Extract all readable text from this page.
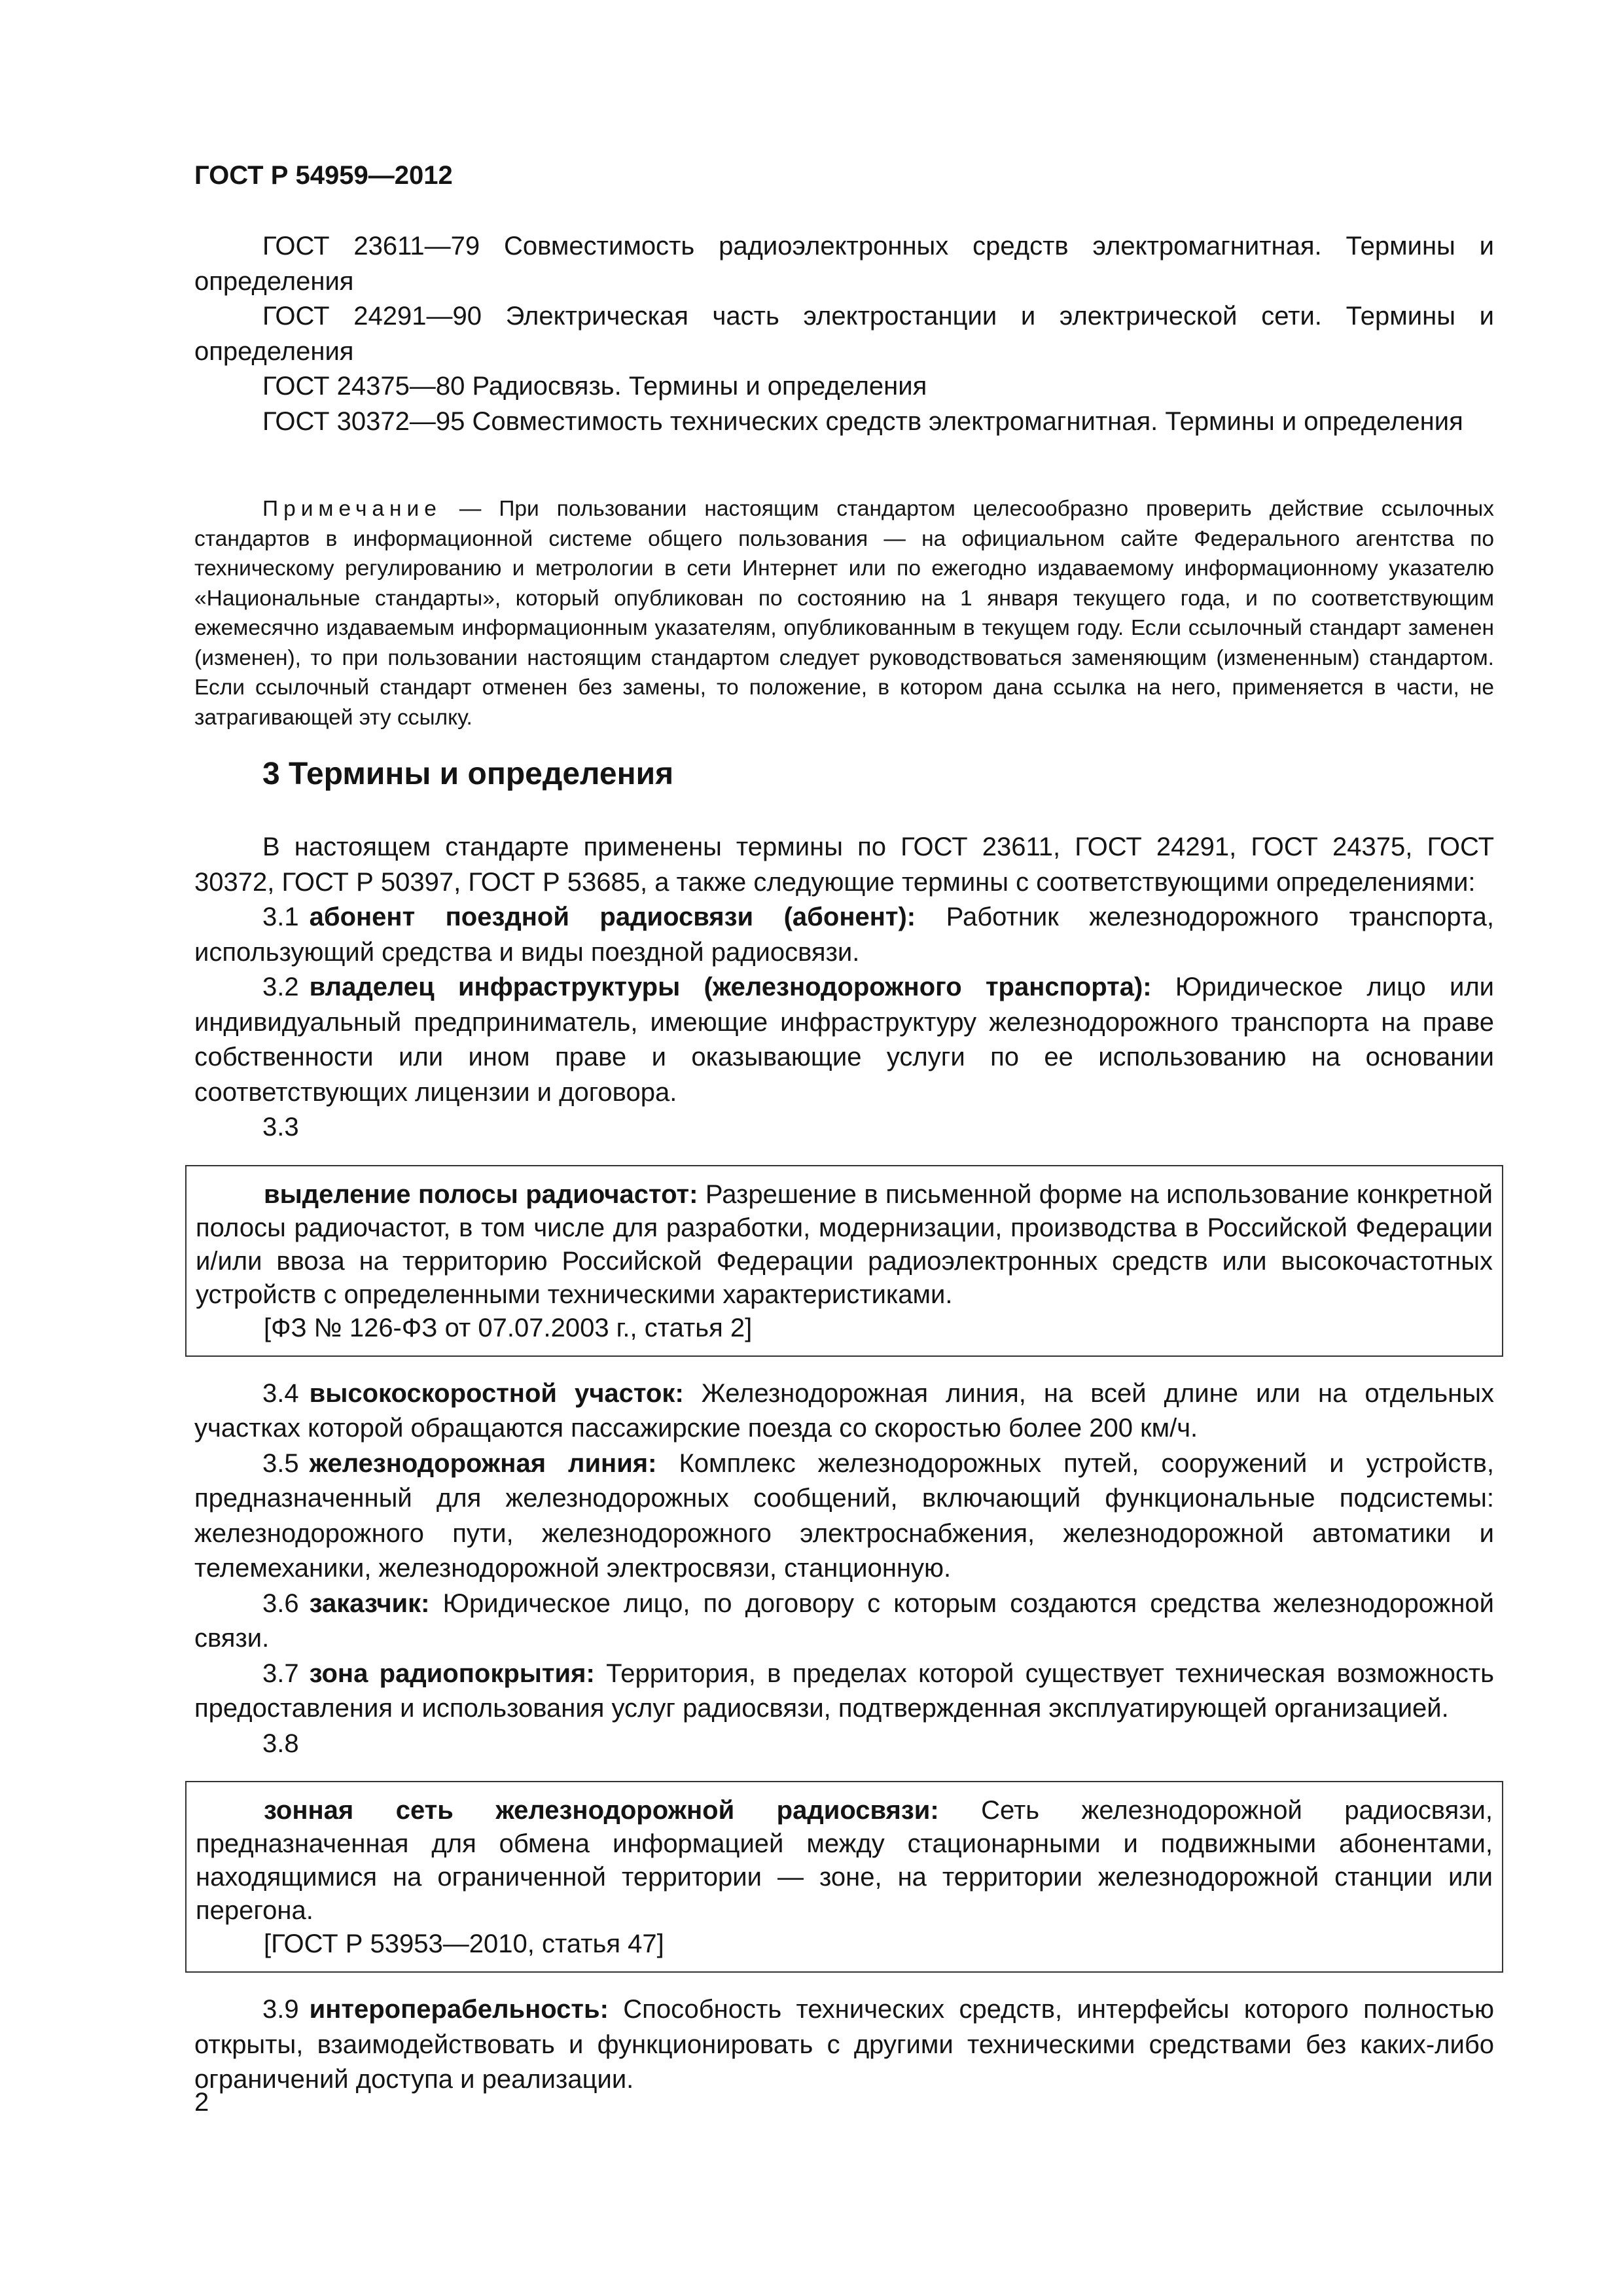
ГОСТ Р 54959—2012

ГОСТ 23611—79 Совместимость радиоэлектронных средств электромагнитная. Термины и определения

ГОСТ 24291—90 Электрическая часть электростанции и электрической сети. Термины и определения

ГОСТ 24375—80 Радиосвязь. Термины и определения

ГОСТ 30372—95 Совместимость технических средств электромагнитная. Термины и определения

Примечание — При пользовании настоящим стандартом целесообразно проверить действие ссылочных стандартов в информационной системе общего пользования — на официальном сайте Федерального агентства по техническому регулированию и метрологии в сети Интернет или по ежегодно издаваемому информационному указателю «Национальные стандарты», который опубликован по состоянию на 1 января текущего года, и по соответствующим ежемесячно издаваемым информационным указателям, опубликованным в текущем году. Если ссылочный стандарт заменен (изменен), то при пользовании настоящим стандартом следует руководствоваться заменяющим (измененным) стандартом. Если ссылочный стандарт отменен без замены, то положение, в котором дана ссылка на него, применяется в части, не затрагивающей эту ссылку.

3 Термины и определения

В настоящем стандарте применены термины по ГОСТ 23611, ГОСТ 24291, ГОСТ 24375, ГОСТ 30372, ГОСТ Р 50397, ГОСТ Р 53685, а также следующие термины с соответствующими определениями:

3.1 абонент поездной радиосвязи (абонент): Работник железнодорожного транспорта, использующий средства и виды поездной радиосвязи.

3.2 владелец инфраструктуры (железнодорожного транспорта): Юридическое лицо или индивидуальный предприниматель, имеющие инфраструктуру железнодорожного транспорта на праве собственности или ином праве и оказывающие услуги по ее использованию на основании соответствующих лицензии и договора.

3.3

выделение полосы радиочастот: Разрешение в письменной форме на использование конкретной полосы радиочастот, в том числе для разработки, модернизации, производства в Российской Федерации и/или ввоза на территорию Российской Федерации радиоэлектронных средств или высокочастотных устройств с определенными техническими характеристиками.

[ФЗ № 126-ФЗ от 07.07.2003 г., статья 2]

3.4 высокоскоростной участок: Железнодорожная линия, на всей длине или на отдельных участках которой обращаются пассажирские поезда со скоростью более 200 км/ч.

3.5 железнодорожная линия: Комплекс железнодорожных путей, сооружений и устройств, предназначенный для железнодорожных сообщений, включающий функциональные подсистемы: железнодорожного пути, железнодорожного электроснабжения, железнодорожной автоматики и телемеханики, железнодорожной электросвязи, станционную.

3.6 заказчик: Юридическое лицо, по договору с которым создаются средства железнодорожной связи.

3.7 зона радиопокрытия: Территория, в пределах которой существует техническая возможность предоставления и использования услуг радиосвязи, подтвержденная эксплуатирующей организацией.

3.8

зонная сеть железнодорожной радиосвязи: Сеть железнодорожной радиосвязи, предназначенная для обмена информацией между стационарными и подвижными абонентами, находящимися на ограниченной территории — зоне, на территории железнодорожной станции или перегона.

[ГОСТ Р 53953—2010, статья 47]

3.9 интероперабельность: Способность технических средств, интерфейсы которого полностью открыты, взаимодействовать и функционировать с другими техническими средствами без каких-либо ограничений доступа и реализации.

2
